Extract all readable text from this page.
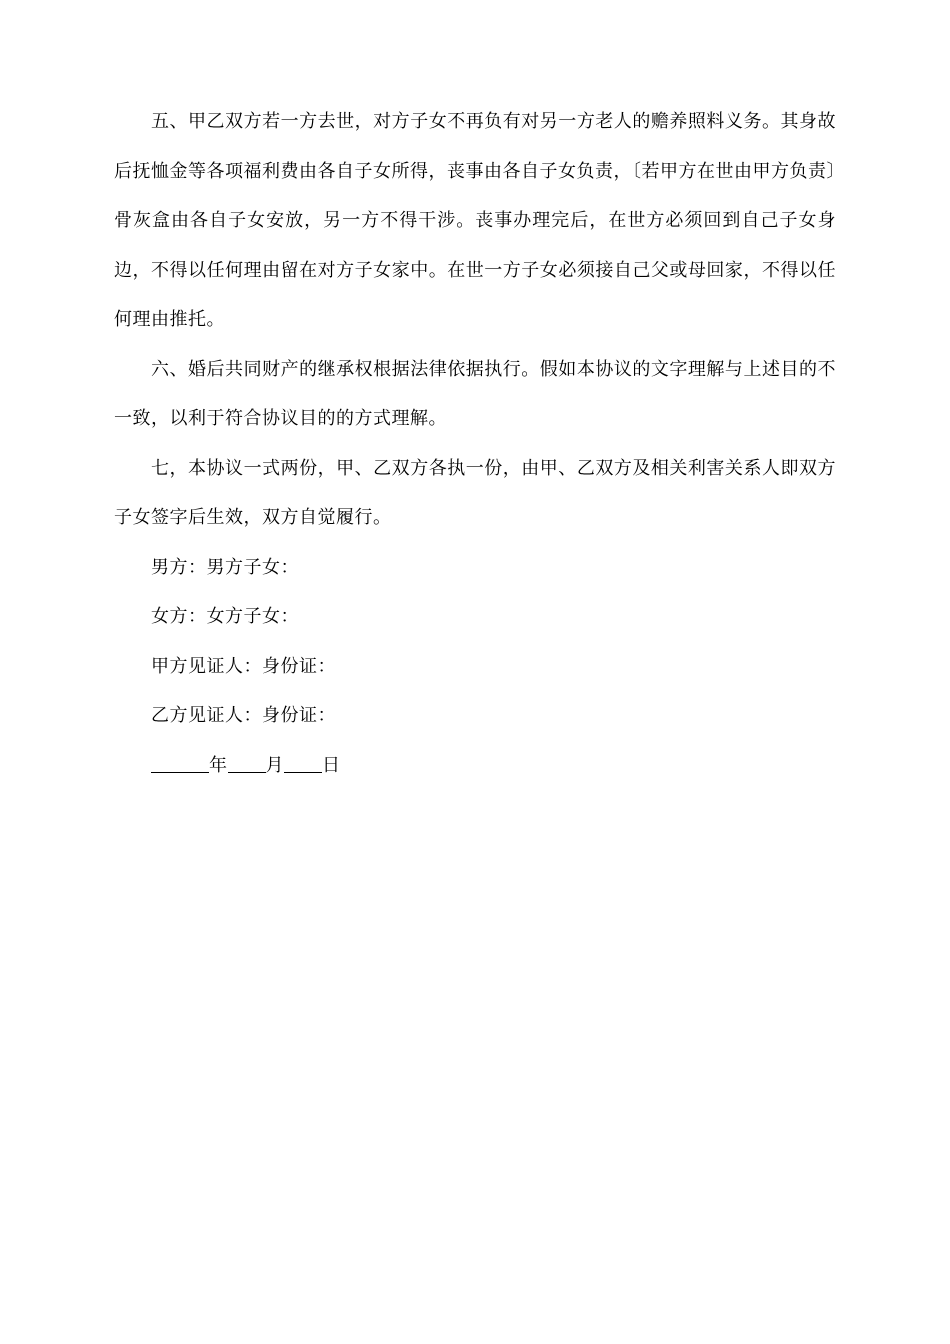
五、甲乙双方若一方去世，对方子女不再负有对另一方老人的赡养照料义务。其身故后抚恤金等各项福利费由各自子女所得，丧事由各自子女负责，〔若甲方在世由甲方负责〕骨灰盒由各自子女安放，另一方不得干涉。丧事办理完后，在世方必须回到自己子女身边，不得以任何理由留在对方子女家中。在世一方子女必须接自己父或母回家，不得以任何理由推托。

六、婚后共同财产的继承权根据法律依据执行。假如本协议的文字理解与上述目的不一致，以利于符合协议目的的方式理解。

七，本协议一式两份，甲、乙双方各执一份，由甲、乙双方及相关利害关系人即双方子女签字后生效，双方自觉履行。

男方：男方子女：

女方：女方子女：

甲方见证人：身份证：

乙方见证人：身份证：

年 月 日
